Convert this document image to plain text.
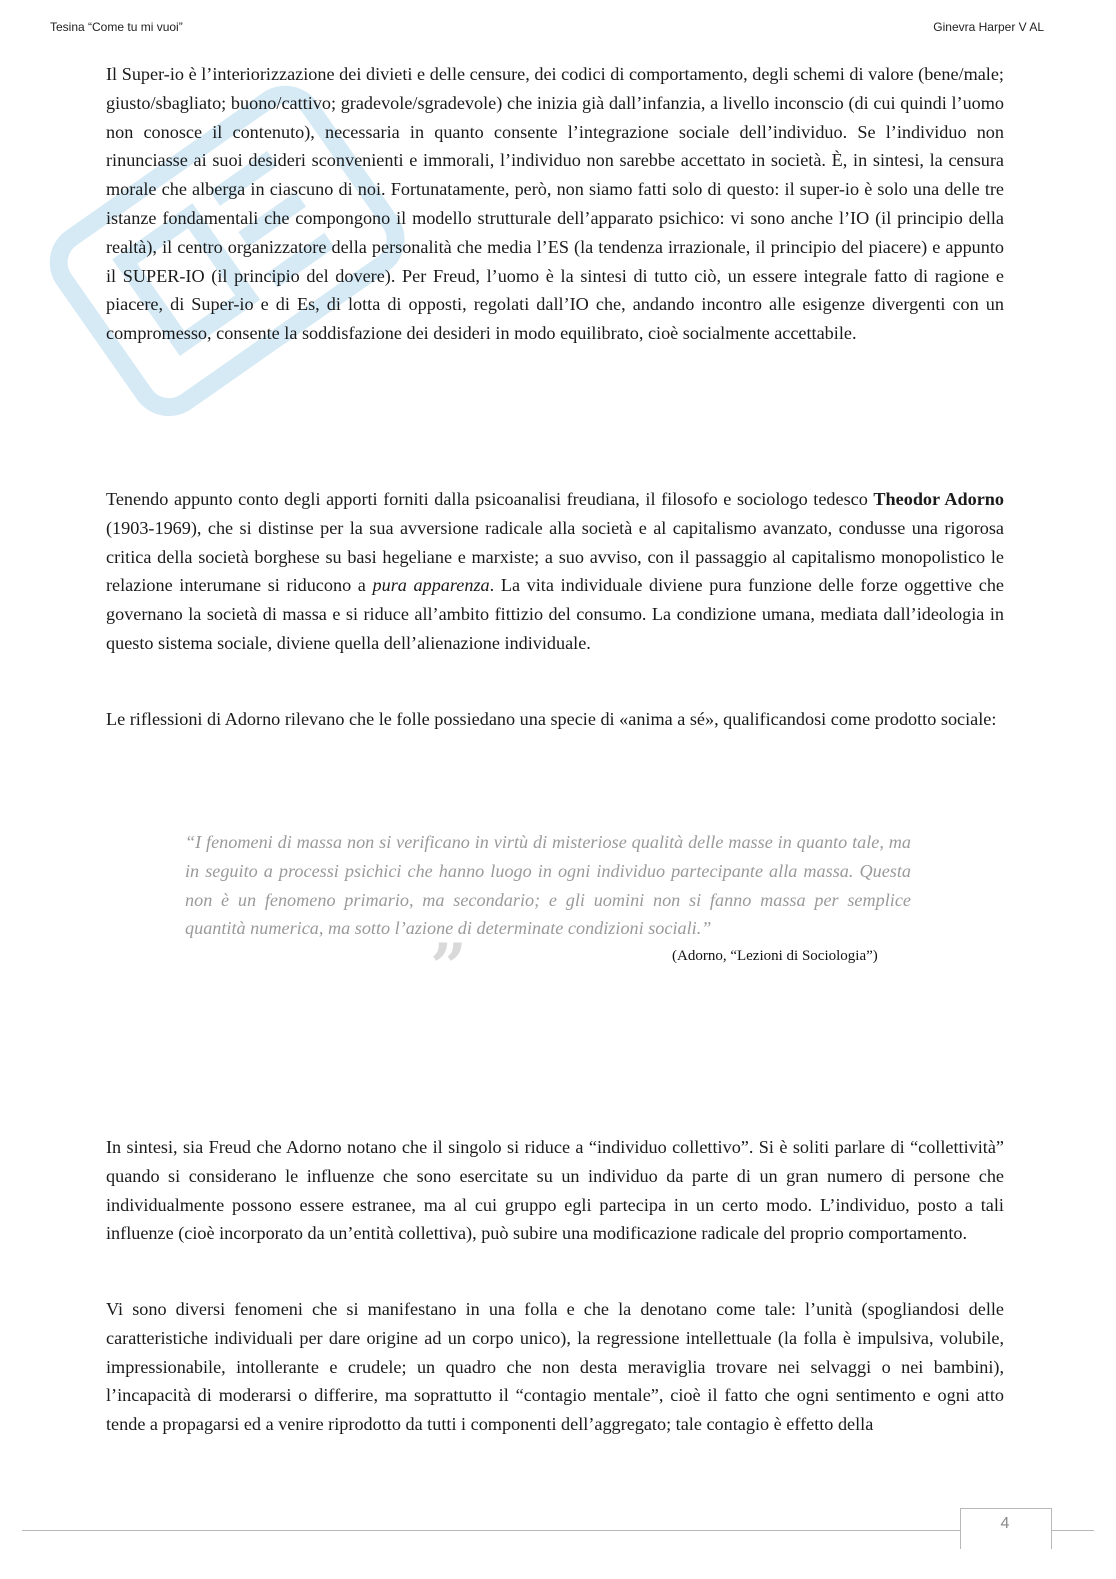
Tesina “Come tu mi vuoi”	Ginevra Harper V AL

Il Super-io è l’interiorizzazione dei divieti e delle censure, dei codici di comportamento, degli schemi di valore (bene/male; giusto/sbagliato; buono/cattivo; gradevole/sgradevole) che inizia già dall’infanzia, a livello inconscio (di cui quindi l’uomo non conosce il contenuto), necessaria in quanto consente l’integrazione sociale dell’individuo. Se l’individuo non rinunciasse ai suoi desideri sconvenienti e immorali, l’individuo non sarebbe accettato in società. È, in sintesi, la censura morale che alberga in ciascuno di noi. Fortunatamente, però, non siamo fatti solo di questo: il super-io è solo una delle tre istanze fondamentali che compongono il modello strutturale dell’apparato psichico: vi sono anche l’IO (il principio della realtà), il centro organizzatore della personalità che media l’ES (la tendenza irrazionale, il principio del piacere) e appunto il SUPER-IO (il principio del dovere). Per Freud, l’uomo è la sintesi di tutto ciò, un essere integrale fatto di ragione e piacere, di Super-io e di Es, di lotta di opposti, regolati dall’IO che, andando incontro alle esigenze divergenti con un compromesso, consente la soddisfazione dei desideri in modo equilibrato, cioè socialmente accettabile.

Tenendo appunto conto degli apporti forniti dalla psicoanalisi freudiana, il filosofo e sociologo tedesco Theodor Adorno (1903-1969), che si distinse per la sua avversione radicale alla società e al capitalismo avanzato, condusse una rigorosa critica della società borghese su basi hegeliane e marxiste; a suo avviso, con il passaggio al capitalismo monopolistico le relazione interumane si riducono a pura apparenza. La vita individuale diviene pura funzione delle forze oggettive che governano la società di massa e si riduce all’ambito fittizio del consumo. La condizione umana, mediata dall’ideologia in questo sistema sociale, diviene quella dell’alienazione individuale.

Le riflessioni di Adorno rilevano che le folle possiedano una specie di «anima a sé», qualificandosi come prodotto sociale:

“I fenomeni di massa non si verificano in virtù di misteriose qualità delle masse in quanto tale, ma in seguito a processi psichici che hanno luogo in ogni individuo partecipante alla massa. Questa non è un fenomeno primario, ma secondario; e gli uomini non si fanno massa per semplice quantità numerica, ma sotto l’azione di determinate condizioni sociali.”
”	(Adorno, “Lezioni di Sociologia”)

In sintesi, sia Freud che Adorno notano che il singolo si riduce a “individuo collettivo”. Si è soliti parlare di “collettività” quando si considerano le influenze che sono esercitate su un individuo da parte di un gran numero di persone che individualmente possono essere estranee, ma al cui gruppo egli partecipa in un certo modo. L’individuo, posto a tali influenze (cioè incorporato da un’entità collettiva), può subire una modificazione radicale del proprio comportamento.

Vi sono diversi fenomeni che si manifestano in una folla e che la denotano come tale: l’unità (spogliandosi delle caratteristiche individuali per dare origine ad un corpo unico), la regressione intellettuale (la folla è impulsiva, volubile, impressionabile, intollerante e crudele; un quadro che non desta meraviglia trovare nei selvaggi o nei bambini), l’incapacità di moderarsi o differire, ma soprattutto il “contagio mentale”, cioè il fatto che ogni sentimento e ogni atto tende a propagarsi ed a venire riprodotto da tutti i componenti dell’aggregato; tale contagio è effetto della

4
